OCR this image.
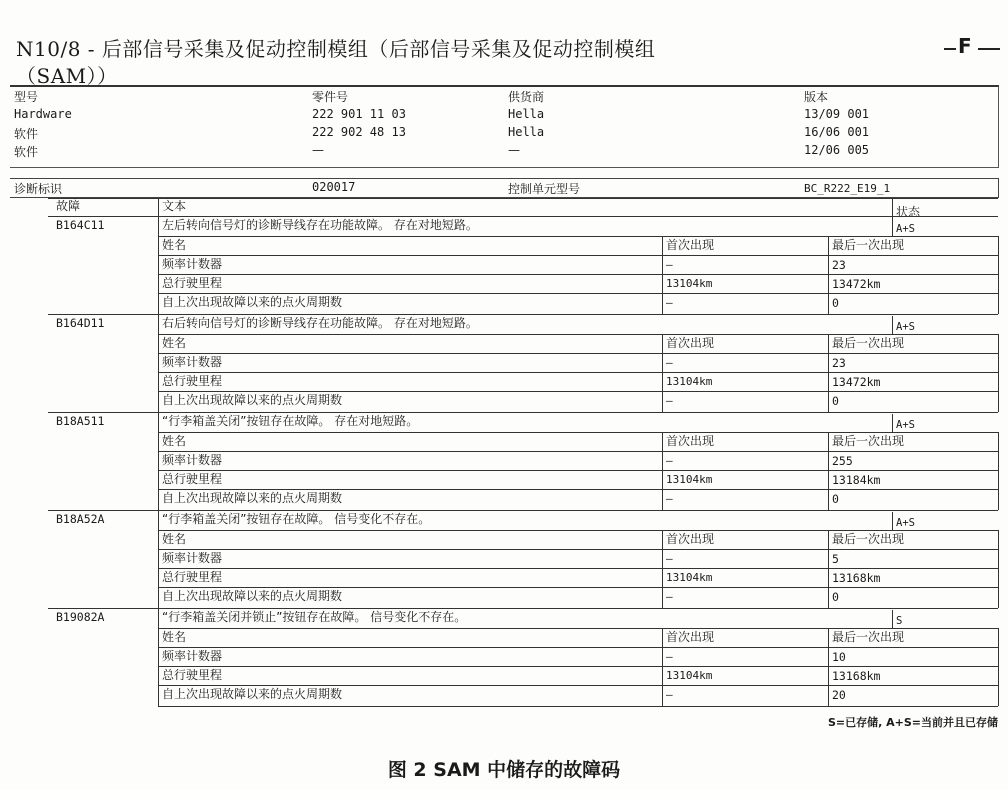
N10/8 - 后部信号采集及促动控制模组（后部信号采集及促动控制模组
（SAM））
F
型号	零件号	供货商	版本
Hardware	222 901 11 03	Hella	13/09 001
软件	222 902 48 13	Hella	16/06 001
软件	—	—	12/06 005
诊断标识	020017	控制单元型号	BC_R222_E19_1
故障	文本	状态
B164C11	左后转向信号灯的诊断导线存在功能故障。 存在对地短路。	A+S
姓名	首次出现	最后一次出现
频率计数器	—	23
总行驶里程	13104km	13472km
自上次出现故障以来的点火周期数	—	0
B164D11	右后转向信号灯的诊断导线存在功能故障。 存在对地短路。	A+S
姓名	首次出现	最后一次出现
频率计数器	—	23
总行驶里程	13104km	13472km
自上次出现故障以来的点火周期数	—	0
B18A511	“行李箱盖关闭”按钮存在故障。 存在对地短路。	A+S
姓名	首次出现	最后一次出现
频率计数器	—	255
总行驶里程	13104km	13184km
自上次出现故障以来的点火周期数	—	0
B18A52A	“行李箱盖关闭”按钮存在故障。 信号变化不存在。	A+S
姓名	首次出现	最后一次出现
频率计数器	—	5
总行驶里程	13104km	13168km
自上次出现故障以来的点火周期数	—	0
B19082A	“行李箱盖关闭并锁止”按钮存在故障。 信号变化不存在。	S
姓名	首次出现	最后一次出现
频率计数器	—	10
总行驶里程	13104km	13168km
自上次出现故障以来的点火周期数	—	20
S=已存储, A+S=当前并且已存储
图 2 SAM 中储存的故障码
